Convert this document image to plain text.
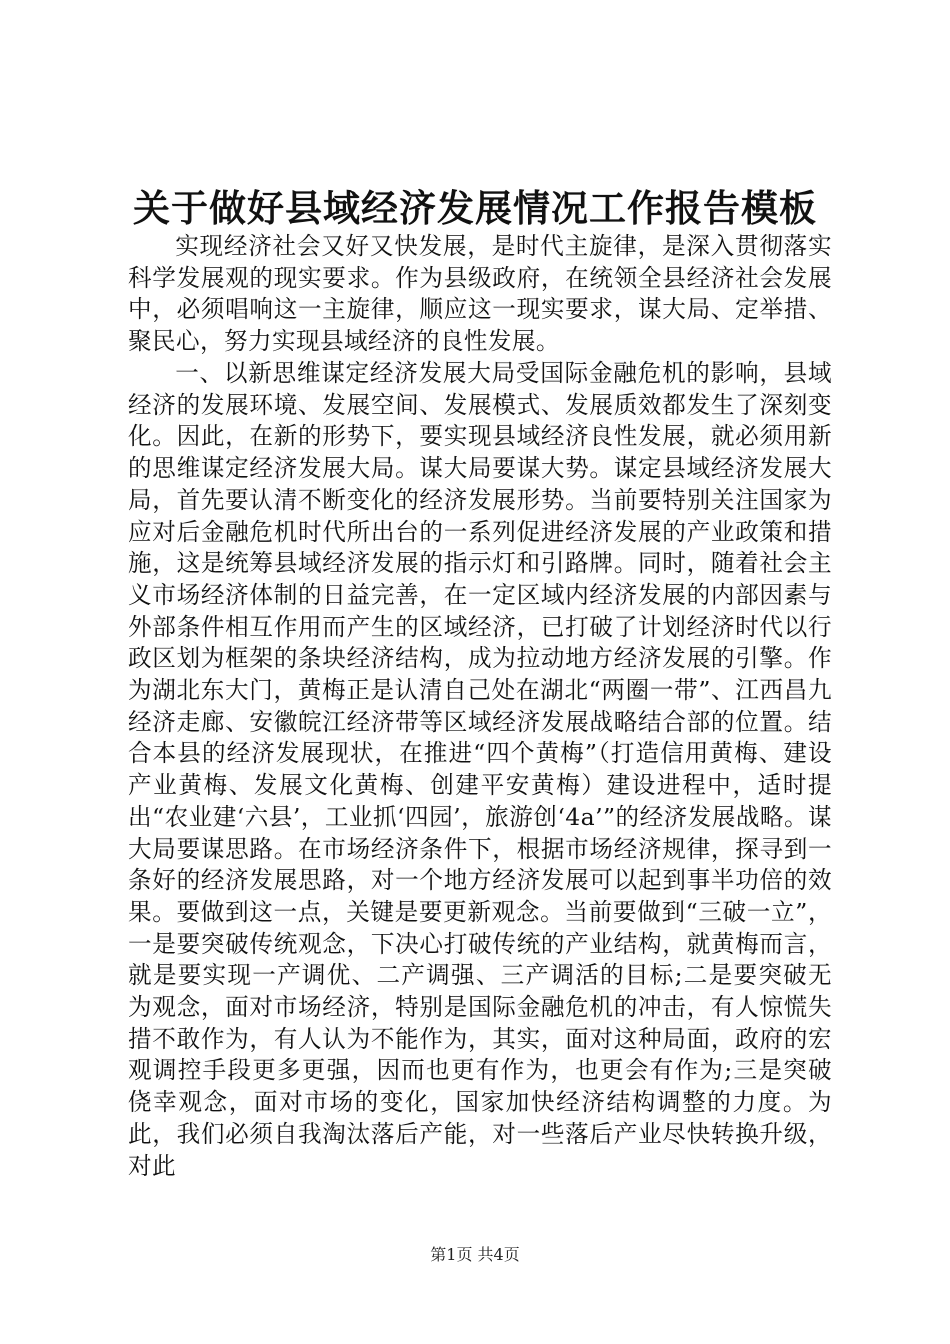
关于做好县域经济发展情况工作报告模板

实现经济社会又好又快发展，是时代主旋律，是深入贯彻落实科学发展观的现实要求。作为县级政府，在统领全县经济社会发展中，必须唱响这一主旋律，顺应这一现实要求，谋大局、定举措、聚民心，努力实现县域经济的良性发展。

一、以新思维谋定经济发展大局受国际金融危机的影响，县域经济的发展环境、发展空间、发展模式、发展质效都发生了深刻变化。因此，在新的形势下，要实现县域经济良性发展，就必须用新的思维谋定经济发展大局。谋大局要谋大势。谋定县域经济发展大局，首先要认清不断变化的经济发展形势。当前要特别关注国家为应对后金融危机时代所出台的一系列促进经济发展的产业政策和措施，这是统筹县域经济发展的指示灯和引路牌。同时，随着社会主义市场经济体制的日益完善，在一定区域内经济发展的内部因素与外部条件相互作用而产生的区域经济，已打破了计划经济时代以行政区划为框架的条块经济结构，成为拉动地方经济发展的引擎。作为湖北东大门，黄梅正是认清自己处在湖北“两圈一带”、江西昌九经济走廊、安徽皖江经济带等区域经济发展战略结合部的位置。结合本县的经济发展现状，在推进“四个黄梅”（打造信用黄梅、建设产业黄梅、发展文化黄梅、创建平安黄梅）建设进程中，适时提出“农业建‘六县’，工业抓‘四园’，旅游创‘4a’”的经济发展战略。谋大局要谋思路。在市场经济条件下，根据市场经济规律，探寻到一条好的经济发展思路，对一个地方经济发展可以起到事半功倍的效果。要做到这一点，关键是要更新观念。当前要做到“三破一立”，一是要突破传统观念，下决心打破传统的产业结构，就黄梅而言，就是要实现一产调优、二产调强、三产调活的目标;二是要突破无为观念，面对市场经济，特别是国际金融危机的冲击，有人惊慌失措不敢作为，有人认为不能作为，其实，面对这种局面，政府的宏观调控手段更多更强，因而也更有作为，也更会有作为;三是突破侥幸观念，面对市场的变化，国家加快经济结构调整的力度。为此，我们必须自我淘汰落后产能，对一些落后产业尽快转换升级，对此

第1页 共4页
